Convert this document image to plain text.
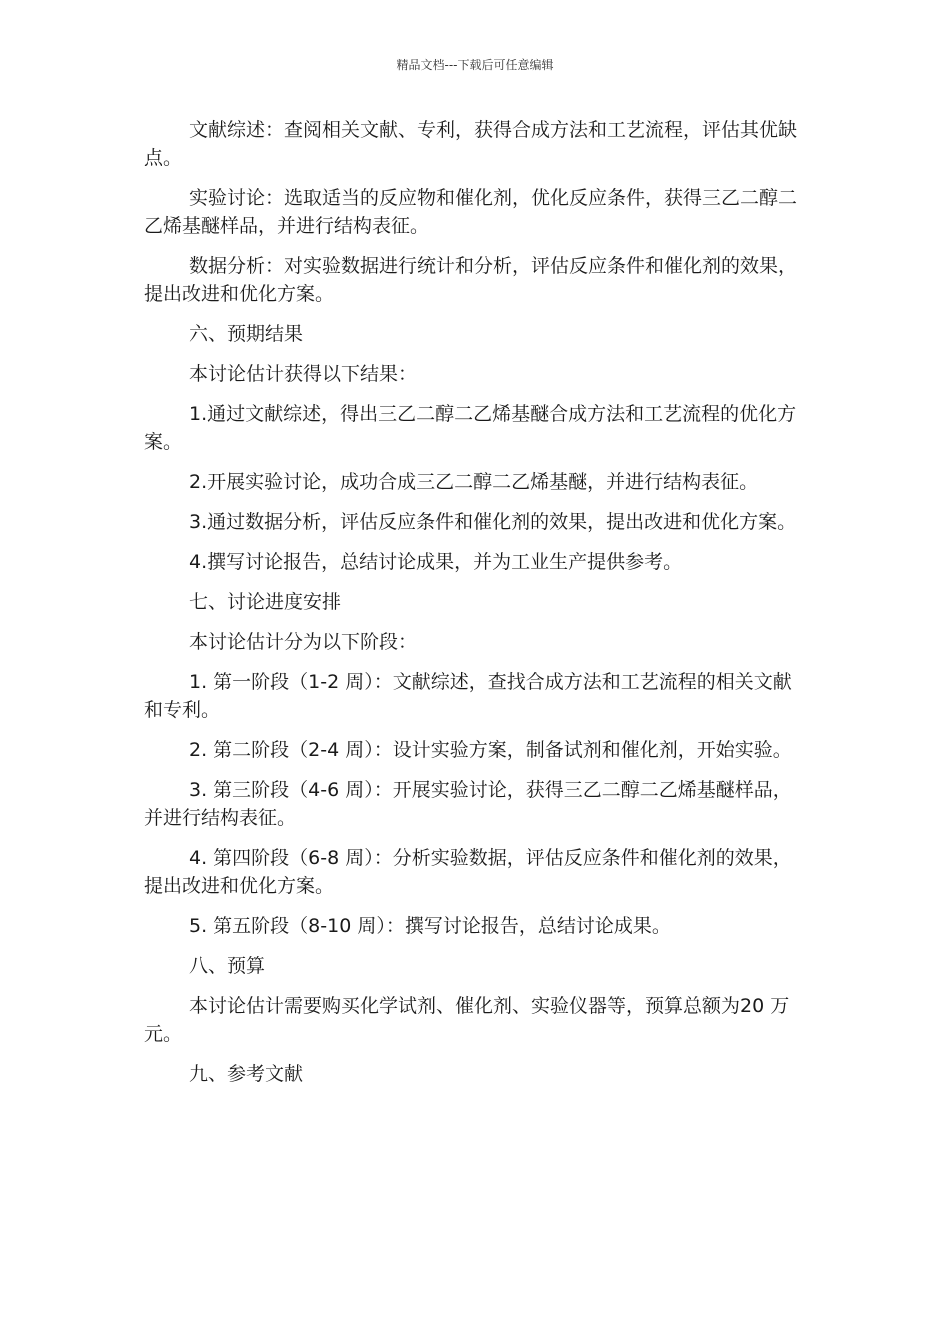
精品文档---下载后可任意编辑

文献综述：查阅相关文献、专利，获得合成方法和工艺流程，评估其优缺点。

实验讨论：选取适当的反应物和催化剂，优化反应条件，获得三乙二醇二乙烯基醚样品，并进行结构表征。

数据分析：对实验数据进行统计和分析，评估反应条件和催化剂的效果，提出改进和优化方案。

六、预期结果

本讨论估计获得以下结果：

1.通过文献综述，得出三乙二醇二乙烯基醚合成方法和工艺流程的优化方案。

2.开展实验讨论，成功合成三乙二醇二乙烯基醚，并进行结构表征。

3.通过数据分析，评估反应条件和催化剂的效果，提出改进和优化方案。

4.撰写讨论报告，总结讨论成果，并为工业生产提供参考。

七、讨论进度安排

本讨论估计分为以下阶段：

1. 第一阶段（1-2 周）：文献综述，查找合成方法和工艺流程的相关文献和专利。

2. 第二阶段（2-4 周）：设计实验方案，制备试剂和催化剂，开始实验。

3. 第三阶段（4-6 周）：开展实验讨论，获得三乙二醇二乙烯基醚样品，并进行结构表征。

4. 第四阶段（6-8 周）：分析实验数据，评估反应条件和催化剂的效果，提出改进和优化方案。

5. 第五阶段（8-10 周）：撰写讨论报告，总结讨论成果。

八、预算

本讨论估计需要购买化学试剂、催化剂、实验仪器等，预算总额为20 万元。

九、参考文献
